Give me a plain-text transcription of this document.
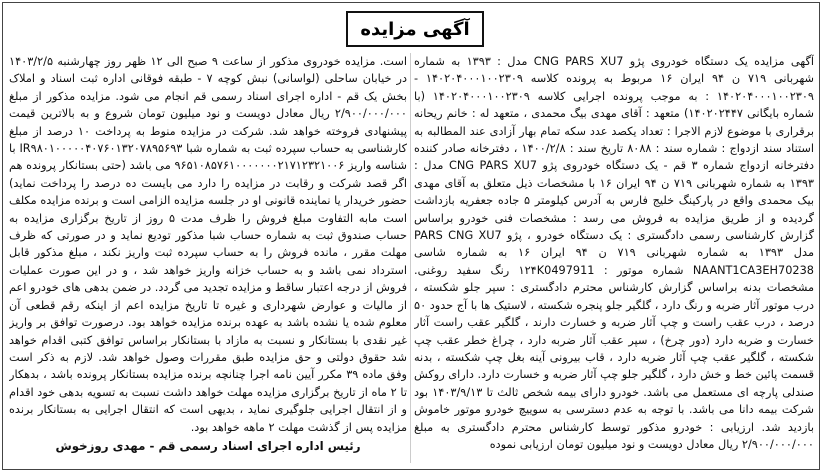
آگهی مزایده

آگهی مزایده یک دستگاه خودروی پژو CNG PARS XU7 مدل : ۱۳۹۳ به شماره شهربانی ۷۱۹ ن ۹۴ ایران ۱۶ مربوط به پرونده کلاسه ۱۴۰۲۰۴۰۰۰۱۰۰۲۳۰۹ - ۱۴۰۲۰۴۰۰۰۱۰۰۲۳۰۹ : به موجب پرونده اجرایی کلاسه ۱۴۰۲۰۴۰۰۰۱۰۰۲۳۰۹ (با شماره بایگانی ۱۴۰۲۰۲۴۴۷) متعهد : آقای مهدی بیگ محمدی ، متعهد له : خانم ریحانه برقراری با موضوع لازم الاجرا : تعداد یکصد عدد سکه تمام بهار آزادی عند المطالبه به استناد سند ازدواج : شماره سند : ۸۰۸۸ تاریخ سند : ۱۴۰۰/۲/۸ ، دفترخانه صادر کننده دفترخانه ازدواج شماره ۳ قم - یک دستگاه خودروی پژو CNG PARS XU7 مدل : ۱۳۹۳ به شماره شهربانی ۷۱۹ ن ۹۴ ایران ۱۶ با مشخصات ذیل متعلق به آقای مهدی بیک محمدی واقع در پارکینگ خلیج فارس به آدرس کیلومتر ۵ جاده جعفریه بازداشت گردیده و از طریق مزایده به فروش می رسد : مشخصات فنی خودرو براساس گزارش کارشناسی رسمی دادگستری : یک دستگاه خودرو ، پژو PARS CNG XU7 مدل ۱۳۹۳ به شماره شهربانی ۷۱۹ ن ۹۴ ایران ۱۶ به شماره شاسی NAANT1CA3EH70238 شماره موتور : ۱۲۴K0497911 رنگ سفید روغنی. مشخصات بدنه براساس گزارش کارشناس محترم دادگستری : سپر جلو شکسته ، درب موتور آثار ضربه و رنگ دارد ، گلگیر جلو پنجره شکسته ، لاستیک ها با آج حدود ۵۰ درصد ، درب عقب راست و چپ آثار ضربه و خسارت دارند ، گلگیر عقب راست آثار خسارت و ضربه دارد (دور چرخ) ، سپر عقب آثار ضربه دارد ، چراغ خطر عقب چپ شکسته ، گلگیر عقب چپ آثار ضربه دارد ، قاب بیرونی آینه بغل چپ شکسته ، بدنه قسمت پائین خط و خش دارد ، گلگیر جلو چپ آثار ضربه و خسارت دارد. دارای روکش صندلی پارچه ای مستعمل می باشد. خودرو دارای بیمه شخص ثالث تا ۱۴۰۳/۹/۱۳ بود شرکت بیمه دانا می باشد. با توجه به عدم دسترسی به سوییچ خودرو موتور خاموش بازدید شد. ارزیابی : خودرو مذکور توسط کارشناس محترم دادگستری به مبلغ ۲/۹۰۰/۰۰۰/۰۰۰ ریال معادل دویست و نود میلیون تومان ارزیابی نموده

است. مزایده خودروی مذکور از ساعت ۹ صبح الی ۱۲ ظهر روز چهارشنبه ۱۴۰۳/۲/۵ در خیابان ساحلی (لواسانی) نبش کوچه ۷ - طبقه فوقانی اداره ثبت اسناد و املاک بخش یک قم - اداره اجرای اسناد رسمی قم انجام می شود. مزایده مذکور از مبلغ ۲/۹۰۰/۰۰۰/۰۰۰ ریال معادل دویست و نود میلیون تومان شروع و به بالاترین قیمت پیشنهادی فروخته خواهد شد. شرکت در مزایده منوط به پرداخت ۱۰ درصد از مبلغ کارشناسی به حساب سپرده ثبت به شماره شبا IR۹۸۰۱۰۰۰۰۰۴۰۷۶۰۱۳۲۰۷۸۹۵۶۹۳ با شناسه واریز ۹۶۵۱۰۸۵۷۶۱۰۰۰۰۰۰۰۲۱۷۱۲۳۲۱۰۰۶ می باشد (حتی بستانکار پرونده هم اگر قصد شرکت و رقابت در مزایده را دارد می بایست ده درصد را پرداخت نماید) حضور خریدار یا نماینده قانونی او در جلسه مزایده الزامی است و برنده مزایده مکلف است مابه التفاوت مبلغ فروش را ظرف مدت ۵ روز از تاریخ برگزاری مزایده به حساب صندوق ثبت به شماره حساب شبا مذکور تودیع نماید و در صورتی که ظرف مهلت مقرر ، مانده فروش را به حساب سپرده ثبت واریز نکند ، مبلغ مذکور قابل استرداد نمی باشد و به حساب خزانه واریز خواهد شد ، و در این صورت عملیات فروش از درجه اعتبار ساقط و مزایده تجدید می گردد. در ضمن بدهی های خودرو اعم از مالیات و عوارض شهرداری و غیره تا تاریخ مزایده اعم از اینکه رقم قطعی آن معلوم شده یا نشده باشد به عهده برنده مزایده خواهد بود. درصورت توافق بر واریز غیر نقدی با بستانکار و نسبت به مازاد با بستانکار براساس توافق کتبی اقدام خواهد شد حقوق دولتی و حق مزایده طبق مقررات وصول خواهد شد. لازم به ذکر است وفق ماده ۳۹ مکرر آیین نامه اجرا چنانچه برنده مزایده بستانکار پرونده باشد ، بدهکار تا ۲ ماه از تاریخ برگزاری مزایده مهلت خواهد داشت نسبت به تسویه بدهی خود اقدام و از انتقال اجرایی جلوگیری نماید ، بدیهی است که انتقال اجرایی به بستانکار برنده مزایده پس از گذشت مهلت ۲ ماهه خواهد بود.

رئیس اداره اجرای اسناد رسمی قم - مهدی روزخوش
